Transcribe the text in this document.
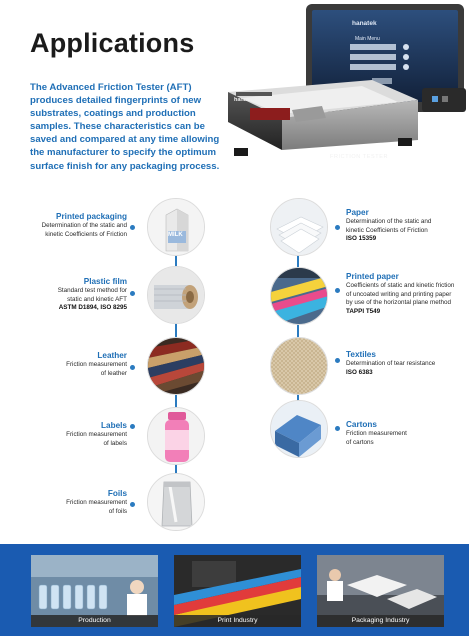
Applications
The Advanced Friction Tester (AFT) produces detailed fingerprints of new substrates, coatings and production samples. These characteristics can be saved and compared at any time allowing the manufacturer to specify the optimum surface finish for any packaging process.
Main Menu
hanatek
hanatek
FRICTION TESTER
Printed packaging
Determination of the static and
kinetic Coefficients of Friction	MILK
Plastic film
Standard test method for
static and kinetic AFT
ASTM D1894, ISO 8295
Leather
Friction measurement
of leather
Labels
Friction measurement
of labels
Foils
Friction measurement
of foils
Paper
Determination of the static and
kinetic Coefficients of Friction
ISO 15359
Printed paper
Coefficients of static and kinetic friction
of uncoated writing and printing paper
by use of the horizontal plane method
TAPPI T549
Textiles
Determination of tear resistance
ISO 6383
Cartons
Friction measurement
of cartons
Production	Print Industry	Packaging Industry
